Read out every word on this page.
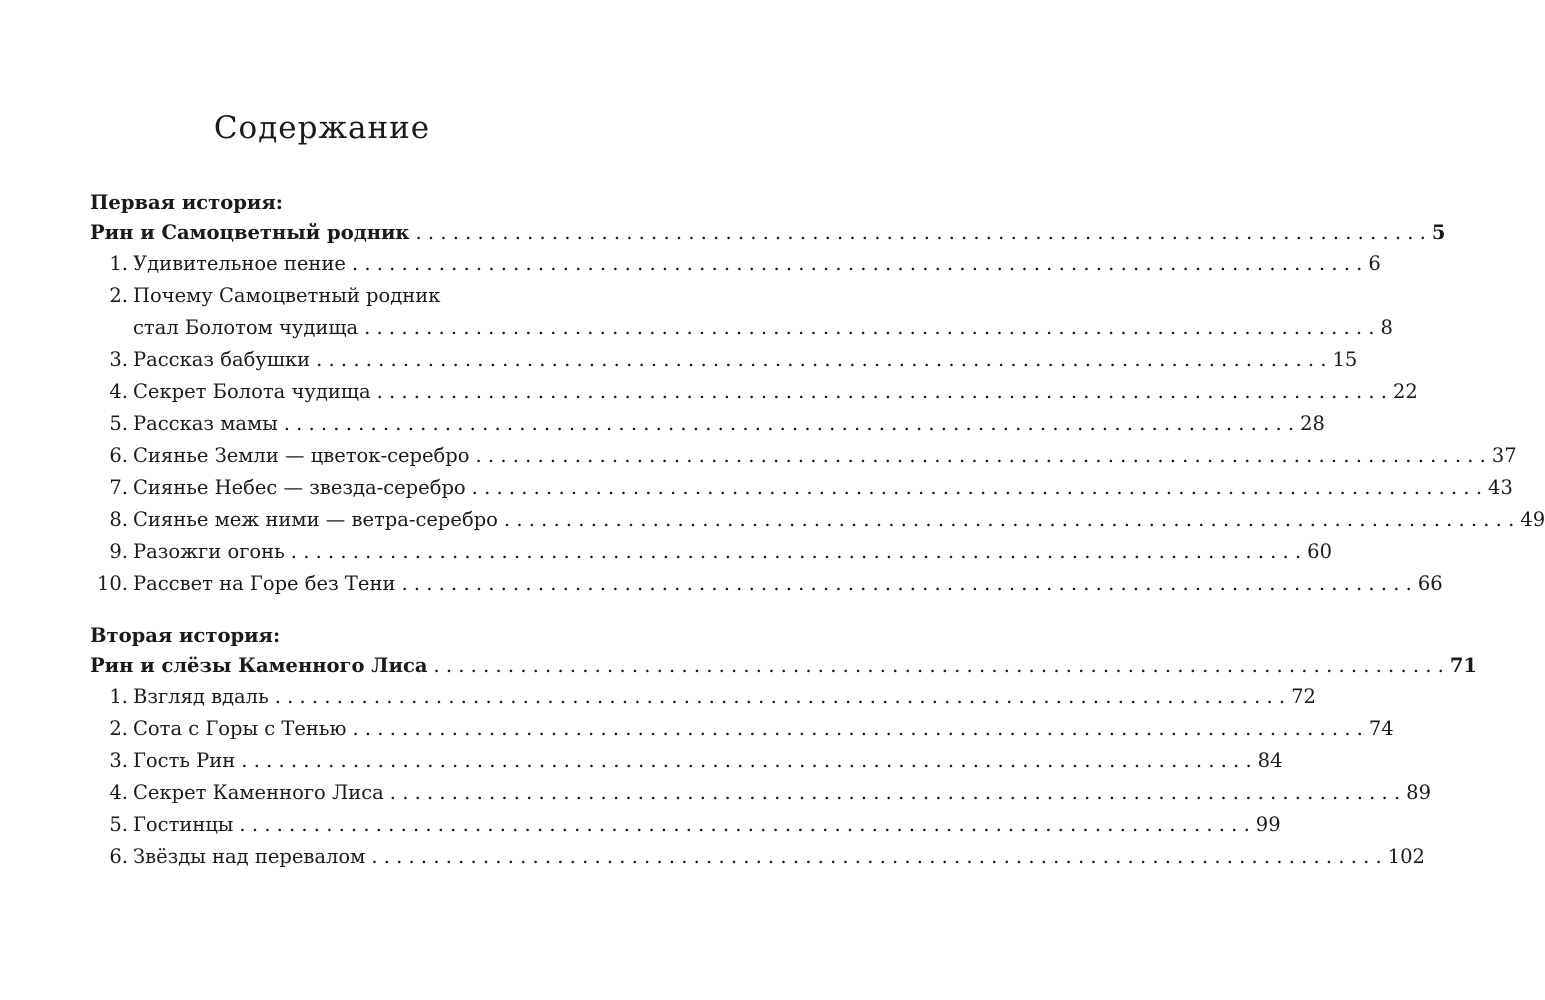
Содержание
Первая история:
Рин и Самоцветный родник . . .	5
1. Удивительное пение . . .	6
2. Почему Самоцветный родник
стал Болотом чудища . . .	8
3. Рассказ бабушки . . .	15
4. Секрет Болота чудища . . .	22
5. Рассказ мамы . . .	28
6. Сиянье Земли — цветок-серебро . . .	37
7. Сиянье Небес — звезда-серебро . . .	43
8. Сиянье меж ними — ветра-серебро . . .	49
9. Разожги огонь . . .	60
10. Рассвет на Горе без Тени . . .	66
Вторая история:
Рин и слёзы Каменного Лиса . . .	71
1. Взгляд вдаль . . .	72
2. Сота с Горы с Тенью . . .	74
3. Гость Рин . . .	84
4. Секрет Каменного Лиса . . .	89
5. Гостинцы . . .	99
6. Звёзды над перевалом . . .	102
